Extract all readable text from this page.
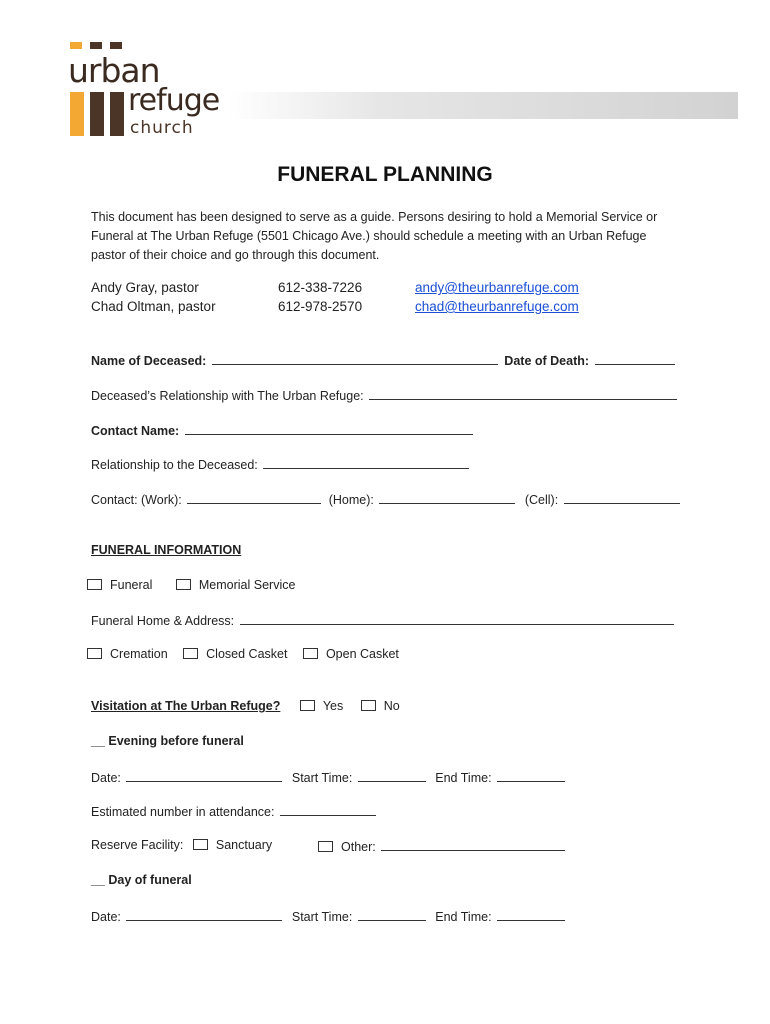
urban
refuge
church
FUNERAL PLANNING
This document has been designed to serve as a guide. Persons desiring to hold a Memorial Service or Funeral at The Urban Refuge (5501 Chicago Ave.) should schedule a meeting with an Urban Refuge pastor of their choice and go through this document.
Andy Gray, pastor	612-338-7226	andy@theurbanrefuge.com
Chad Oltman, pastor	612-978-2570	chad@theurbanrefuge.com
Name of Deceased:	Date of Death:
Deceased’s Relationship with The Urban Refuge:
Contact Name:
Relationship to the Deceased:
Contact: (Work):	(Home):	(Cell):
FUNERAL INFORMATION
Funeral	Memorial Service
Funeral Home & Address:
Cremation	Closed Casket	Open Casket
Visitation at The Urban Refuge?	Yes	No
__ Evening before funeral
Date:	Start Time:	End Time:
Estimated number in attendance:
Reserve Facility:	Sanctuary	Other:
__ Day of funeral
Date:	Start Time:	End Time:
